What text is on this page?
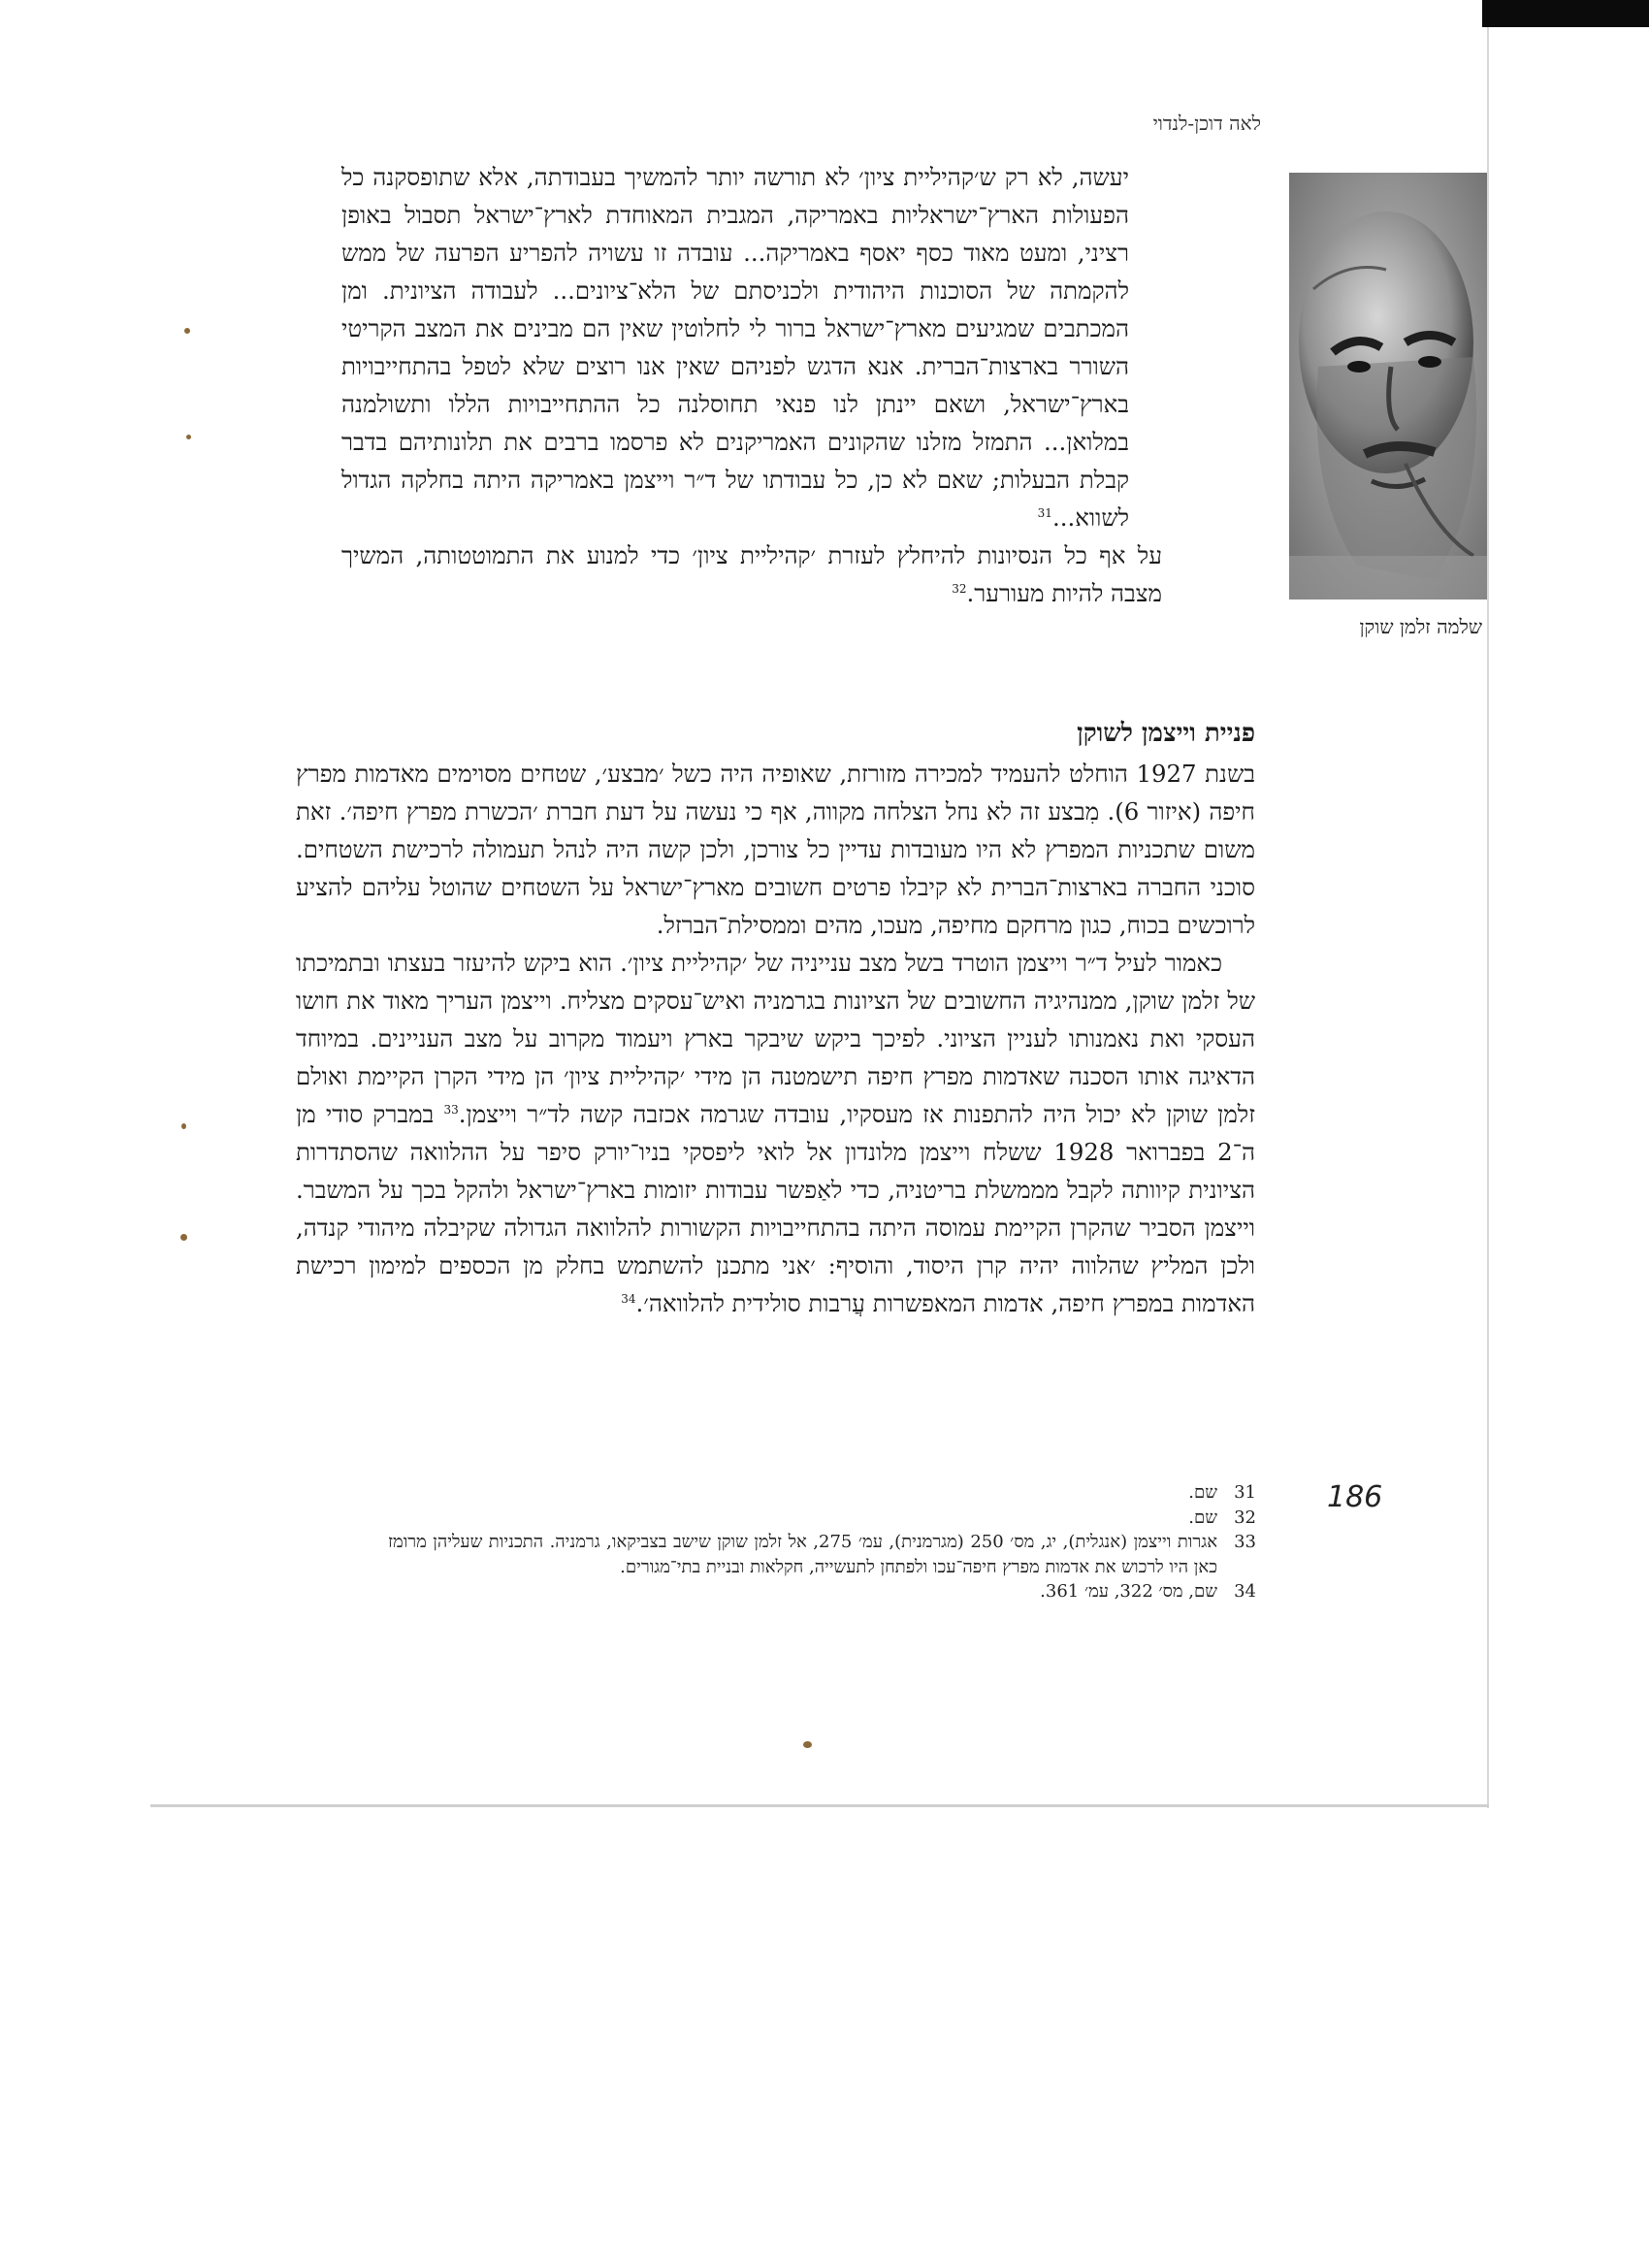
לאה דוכן-לנדוי

יעשה, לא רק ש׳קהיליית ציון׳ לא תורשה יותר להמשיך בעבודתה, אלא שתופסקנה כל הפעולות הארץ־ישראליות באמריקה, המגבית המאוחדת לארץ־ישראל תסבול באופן רציני, ומעט מאוד כסף יאסף באמריקה... עובדה זו עשויה להפריע הפרעה של ממש להקמתה של הסוכנות היהודית ולכניסתם של הלא־ציונים... לעבודה הציונית. ומן המכתבים שמגיעים מארץ־ישראל ברור לי לחלוטין שאין הם מבינים את המצב הקריטי השורר בארצות־הברית. אנא הדגש לפניהם שאין אנו רוצים שלא לטפל בהתחייבויות בארץ־ישראל, ושאם יינתן לנו פנאי תחוסלנה כל ההתחייבויות הללו ותשולמנה במלואן... התמזל מזלנו שהקונים האמריקנים לא פרסמו ברבים את תלונותיהם בדבר קבלת הבעלות; שאם לא כן, כל עבודתו של ד״ר וייצמן באמריקה היתה בחלקה הגדול לשווא...$^{31}$

על אף כל הנסיונות להיחלץ לעזרת ׳קהיליית ציון׳ כדי למנוע את התמוטטותה, המשיך מצבה להיות מעורער.$^{32}$

שלמה זלמן שוקן
פניית וייצמן לשוקן

בשנת 1927 הוחלט להעמיד למכירה מזורזת, שאופיה היה כשל ׳מבצע׳, שטחים מסוימים מאדמות מפרץ חיפה (איזור 6). מִבצע זה לא נחל הצלחה מקווה, אף כי נעשה על דעת חברת ׳הכשרת מפרץ חיפה׳. זאת משום שתכניות המפרץ לא היו מעובדות עדיין כל צורכן, ולכן קשה היה לנהל תעמולה לרכישת השטחים. סוכני החברה בארצות־הברית לא קיבלו פרטים חשובים מארץ־ישראל על השטחים שהוטל עליהם להציע לרוכשים בכוח, כגון מרחקם מחיפה, מעכו, מהים וממסילת־הברזל.

כאמור לעיל ד״ר וייצמן הוטרד בשל מצב ענייניה של ׳קהיליית ציון׳. הוא ביקש להיעזר בעצתו ובתמיכתו של זלמן שוקן, ממנהיגיה החשובים של הציונות בגרמניה ואיש־עסקים מצליח. וייצמן העריך מאוד את חושו העסקי ואת נאמנותו לעניין הציוני. לפיכך ביקש שיבקר בארץ ויעמוד מקרוב על מצב העניינים. במיוחד הדאיגה אותו הסכנה שאדמות מפרץ חיפה תישמטנה הן מידי ׳קהיליית ציון׳ הן מידי הקרן הקיימת ואולם זלמן שוקן לא יכול היה להתפנות אז מעסקיו, עובדה שגרמה אכזבה קשה לד״ר וייצמן.$^{33}$ במברק סודי מן ה־2 בפברואר 1928 ששלח וייצמן מלונדון אל לואי ליפסקי בניו־יורק סיפר על ההלוואה שהסתדרות הציונית קיוותה לקבל מממשלת בריטניה, כדי לאַפשר עבודות יזומות בארץ־ישראל ולהקל בכך על המשבר. וייצמן הסביר שהקרן הקיימת עמוסה היתה בהתחייבויות הקשורות להלוואה הגדולה שקיבלה מיהודי קנדה, ולכן המליץ שהלווה יהיה קרן היסוד, והוסיף: ׳אני מתכנן להשתמש בחלק מן הכספים למימון רכישת האדמות במפרץ חיפה, אדמות המאפשרות עֲרבות סולידית להלוואה׳.$^{34}$

186
31
שם.
32
שם.
33
אגרות וייצמן (אנגלית), יג, מס׳ 250 (מגרמנית), עמ׳ 275, אל זלמן שוקן שישב בצביקאו, גרמניה. התכניות שעליהן מרומז כאן היו לרכוש את אדמות מפרץ חיפה־עכו ולפתחן לתעשייה, חקלאות ובניית בתי־מגורים.
34
שם, מס׳ 322, עמ׳ 361.
